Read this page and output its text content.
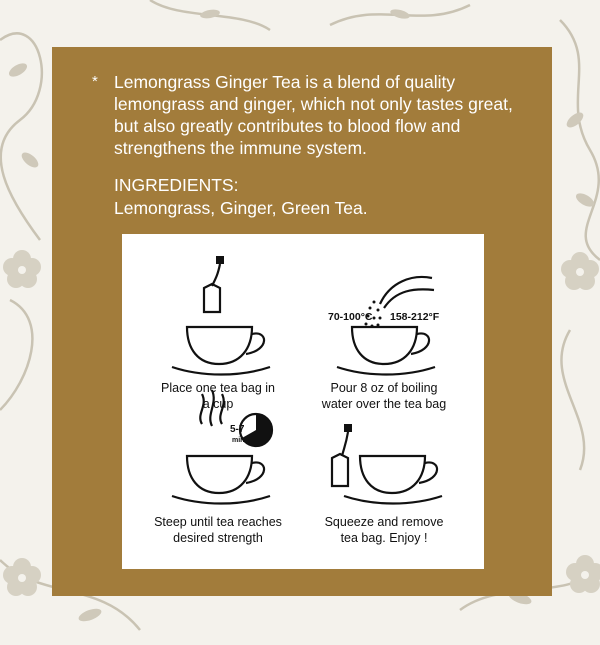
* Lemongrass Ginger Tea is a blend of quality lemongrass and ginger, which not only tastes great, but also greatly contributes to blood flow and strengthens the immune system.
INGREDIENTS:
Lemongrass, Ginger, Green Tea.
70-100°C 158-212°F
5-7
min
Place one tea bag in
a cup
Pour 8 oz of boiling
water over the tea bag
Steep until tea reaches
desired strength
Squeeze and remove
tea bag. Enjoy !
